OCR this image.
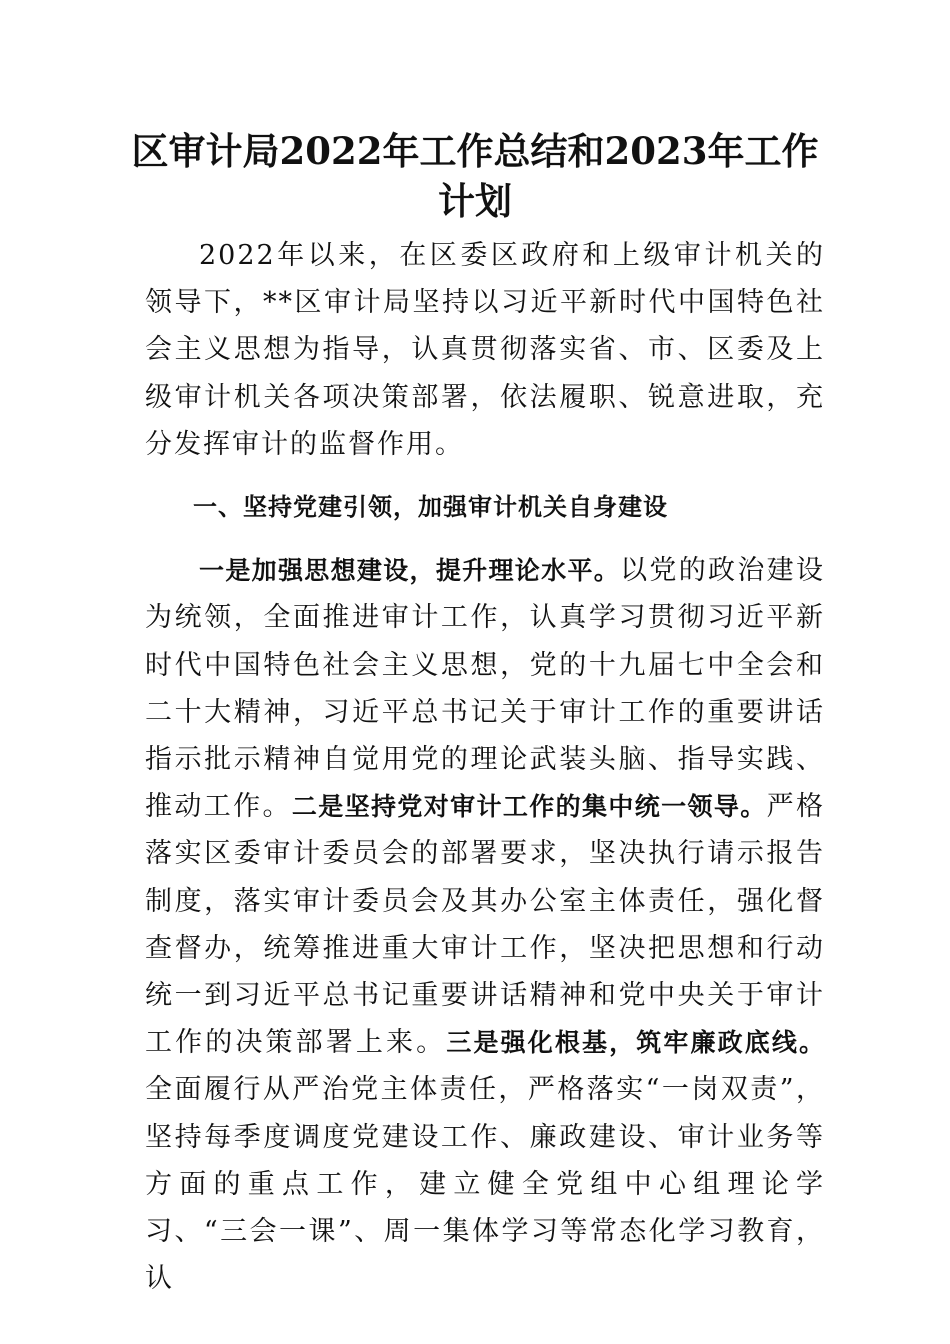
区审计局2022年工作总结和2023年工作计划

2022年以来，在区委区政府和上级审计机关的领导下，**区审计局坚持以习近平新时代中国特色社会主义思想为指导，认真贯彻落实省、市、区委及上级审计机关各项决策部署，依法履职、锐意进取，充分发挥审计的监督作用。

一、坚持党建引领，加强审计机关自身建设

一是加强思想建设，提升理论水平。以党的政治建设为统领，全面推进审计工作，认真学习贯彻习近平新时代中国特色社会主义思想，党的十九届七中全会和二十大精神，习近平总书记关于审计工作的重要讲话指示批示精神自觉用党的理论武装头脑、指导实践、推动工作。二是坚持党对审计工作的集中统一领导。严格落实区委审计委员会的部署要求，坚决执行请示报告制度，落实审计委员会及其办公室主体责任，强化督查督办，统筹推进重大审计工作，坚决把思想和行动统一到习近平总书记重要讲话精神和党中央关于审计工作的决策部署上来。三是强化根基，筑牢廉政底线。全面履行从严治党主体责任，严格落实“一岗双责”，坚持每季度调度党建设工作、廉政建设、审计业务等方面的重点工作，建立健全党组中心组理论学习、“三会一课”、周一集体学习等常态化学习教育，认
